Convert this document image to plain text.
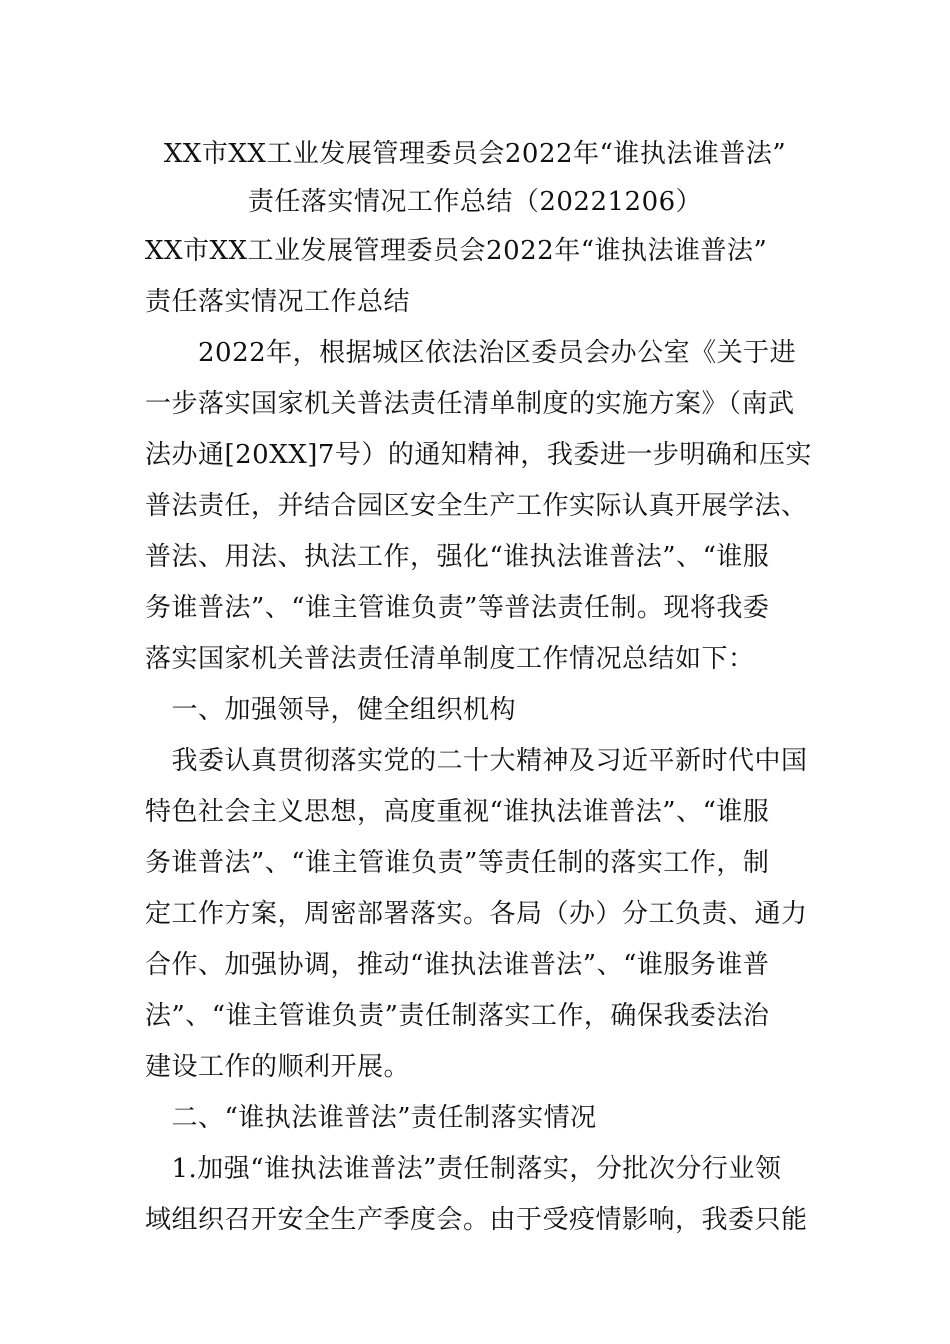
XX市XX工业发展管理委员会2022年“谁执法谁普法”
责任落实情况工作总结（20221206）
XX市XX工业发展管理委员会2022年“谁执法谁普法”
责任落实情况工作总结
　　2022年，根据城区依法治区委员会办公室《关于进
一步落实国家机关普法责任清单制度的实施方案》（南武
法办通[20XX]7号）的通知精神，我委进一步明确和压实
普法责任，并结合园区安全生产工作实际认真开展学法、
普法、用法、执法工作，强化“谁执法谁普法”、“谁服
务谁普法”、“谁主管谁负责”等普法责任制。现将我委
落实国家机关普法责任清单制度工作情况总结如下：
　一、加强领导，健全组织机构
　我委认真贯彻落实党的二十大精神及习近平新时代中国
特色社会主义思想，高度重视“谁执法谁普法”、“谁服
务谁普法”、“谁主管谁负责”等责任制的落实工作，制
定工作方案，周密部署落实。各局（办）分工负责、通力
合作、加强协调，推动“谁执法谁普法”、“谁服务谁普
法”、“谁主管谁负责”责任制落实工作，确保我委法治
建设工作的顺利开展。
　二、“谁执法谁普法”责任制落实情况
　1.加强“谁执法谁普法”责任制落实，分批次分行业领
域组织召开安全生产季度会。由于受疫情影响，我委只能
